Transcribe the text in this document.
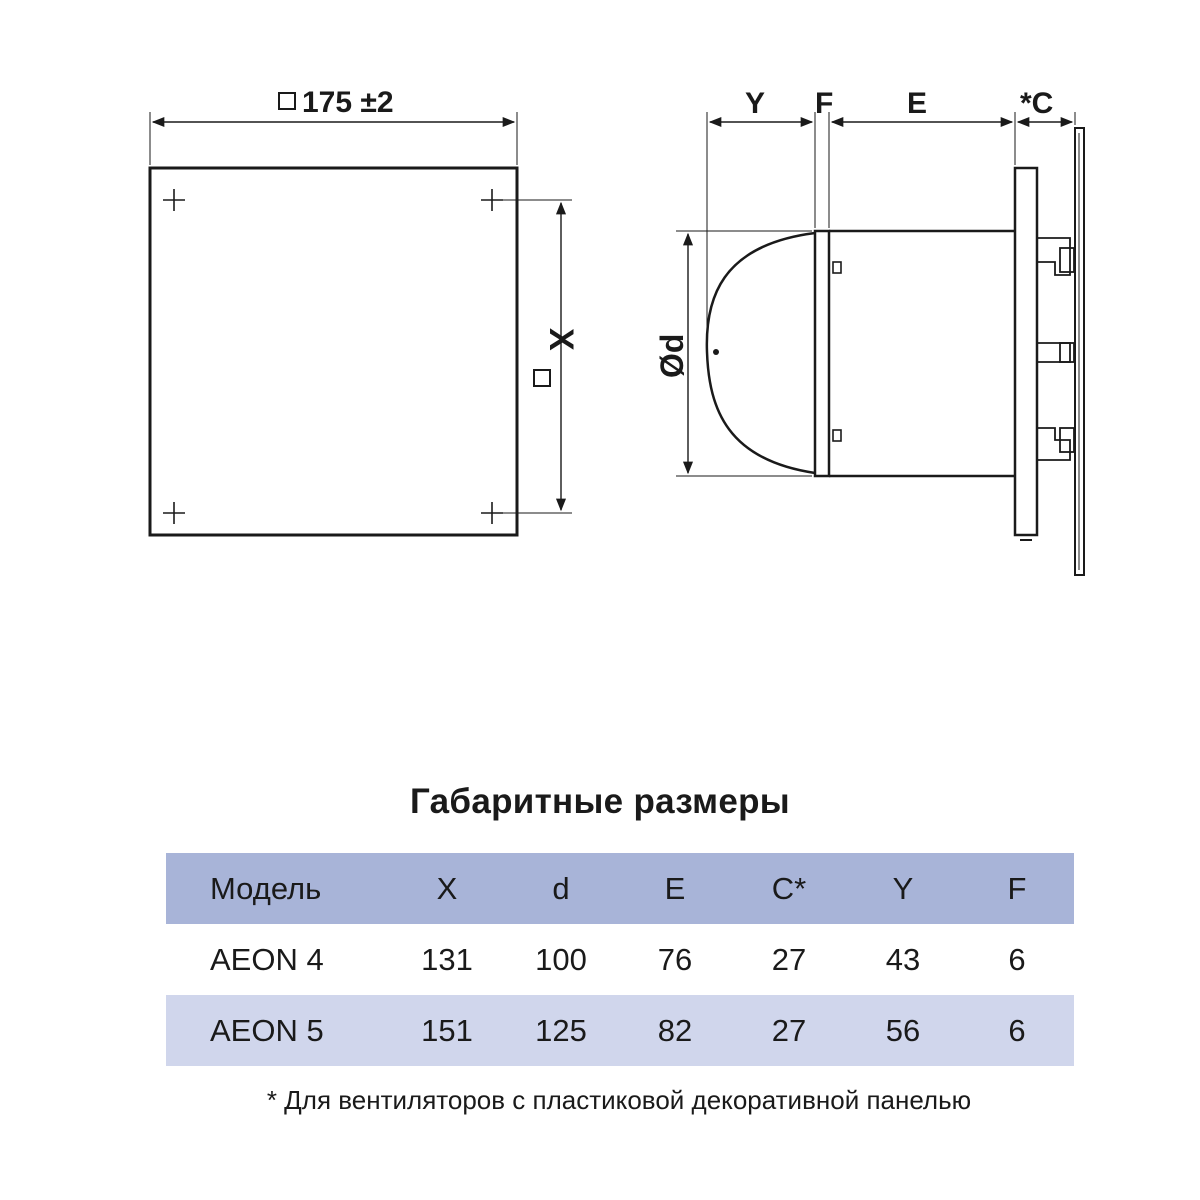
175 ±2
X
Y F E	*C
Ød
Габаритные размеры
Модель	X	d	E	C*	Y	F
AEON 4	131	100	76	27	43	6
AEON 5	151	125	82	27	56	6
* Для вентиляторов с пластиковой декоративной панелью
